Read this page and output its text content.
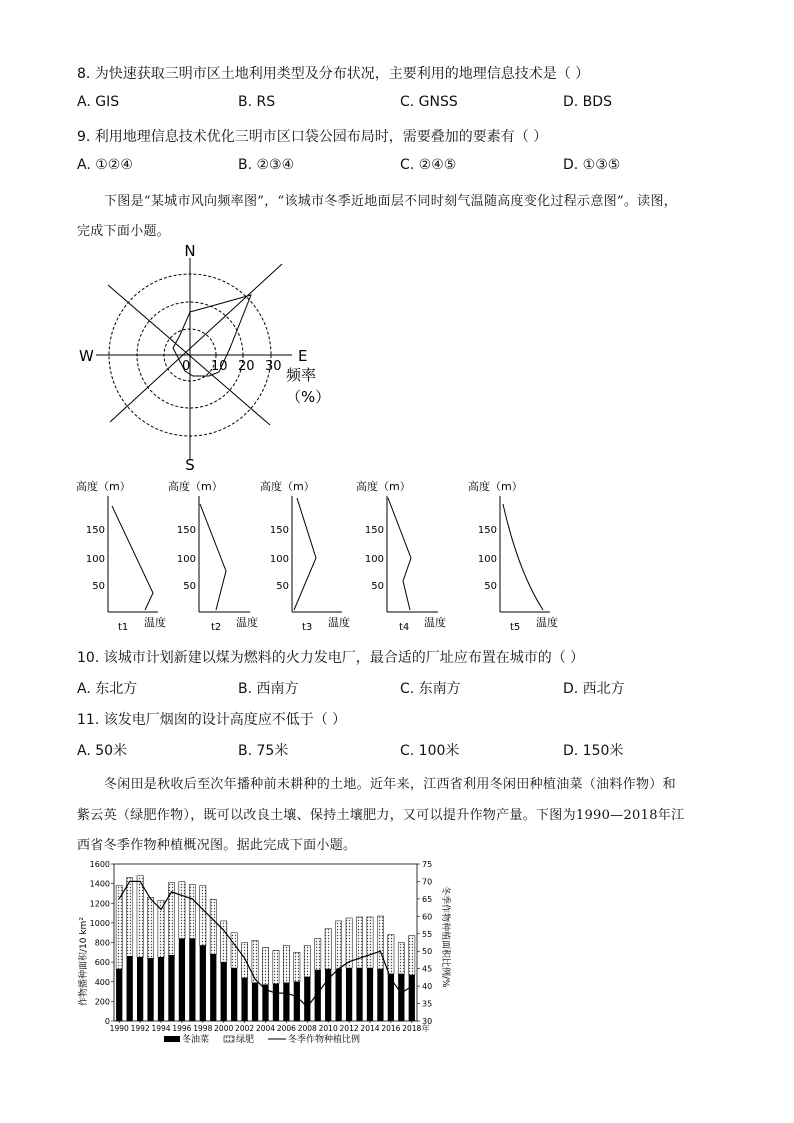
8. 为快速获取三明市区土地利用类型及分布状况，主要利用的地理信息技术是（ ）
A. GIS	B. RS	C. GNSS	D. BDS
9. 利用地理信息技术优化三明市区口袋公园布局时，需要叠加的要素有（ ）
A. ①②④	B. ②③④	C. ②④⑤	D. ①③⑤
下图是“某城市风向频率图”，“该城市冬季近地面层不同时刻气温随高度变化过程示意图”。读图，
完成下面小题。
N
S
E
W
0 10 20 30 频率
（%）
高度（m）
150
100
50
t1 温度
高度（m）
150
100
50
t2 温度
高度（m）
150
100
50
t3 温度
高度（m）
150
100
50
t4 温度
高度（m）
150
100
50
t5 温度
10. 该城市计划新建以煤为燃料的火力发电厂，最合适的厂址应布置在城市的（ ）
A. 东北方	B. 西南方	C. 东南方	D. 西北方
11. 该发电厂烟囱的设计高度应不低于（ ）
A. 50米	B. 75米	C. 100米	D. 150米
冬闲田是秋收后至次年播种前未耕种的土地。近年来，江西省利用冬闲田种植油菜（油料作物）和
紫云英（绿肥作物），既可以改良土壤、保持土壤肥力，又可以提升作物产量。下图为1990—2018年江
西省冬季作物种植概况图。据此完成下面小题。
0
200
400
600
800
1000
1200
1400
1600
30
35
40
45
50
55
60
65
70
75
1990 1992 1994 1996 1998 2000 2002 2004 2006 2008 2010 2012 2014 2016 2018 年
作物播种面积/10 km²	冬季作物种植面积比例/%
冬油菜	绿肥	冬季作物种植比例
